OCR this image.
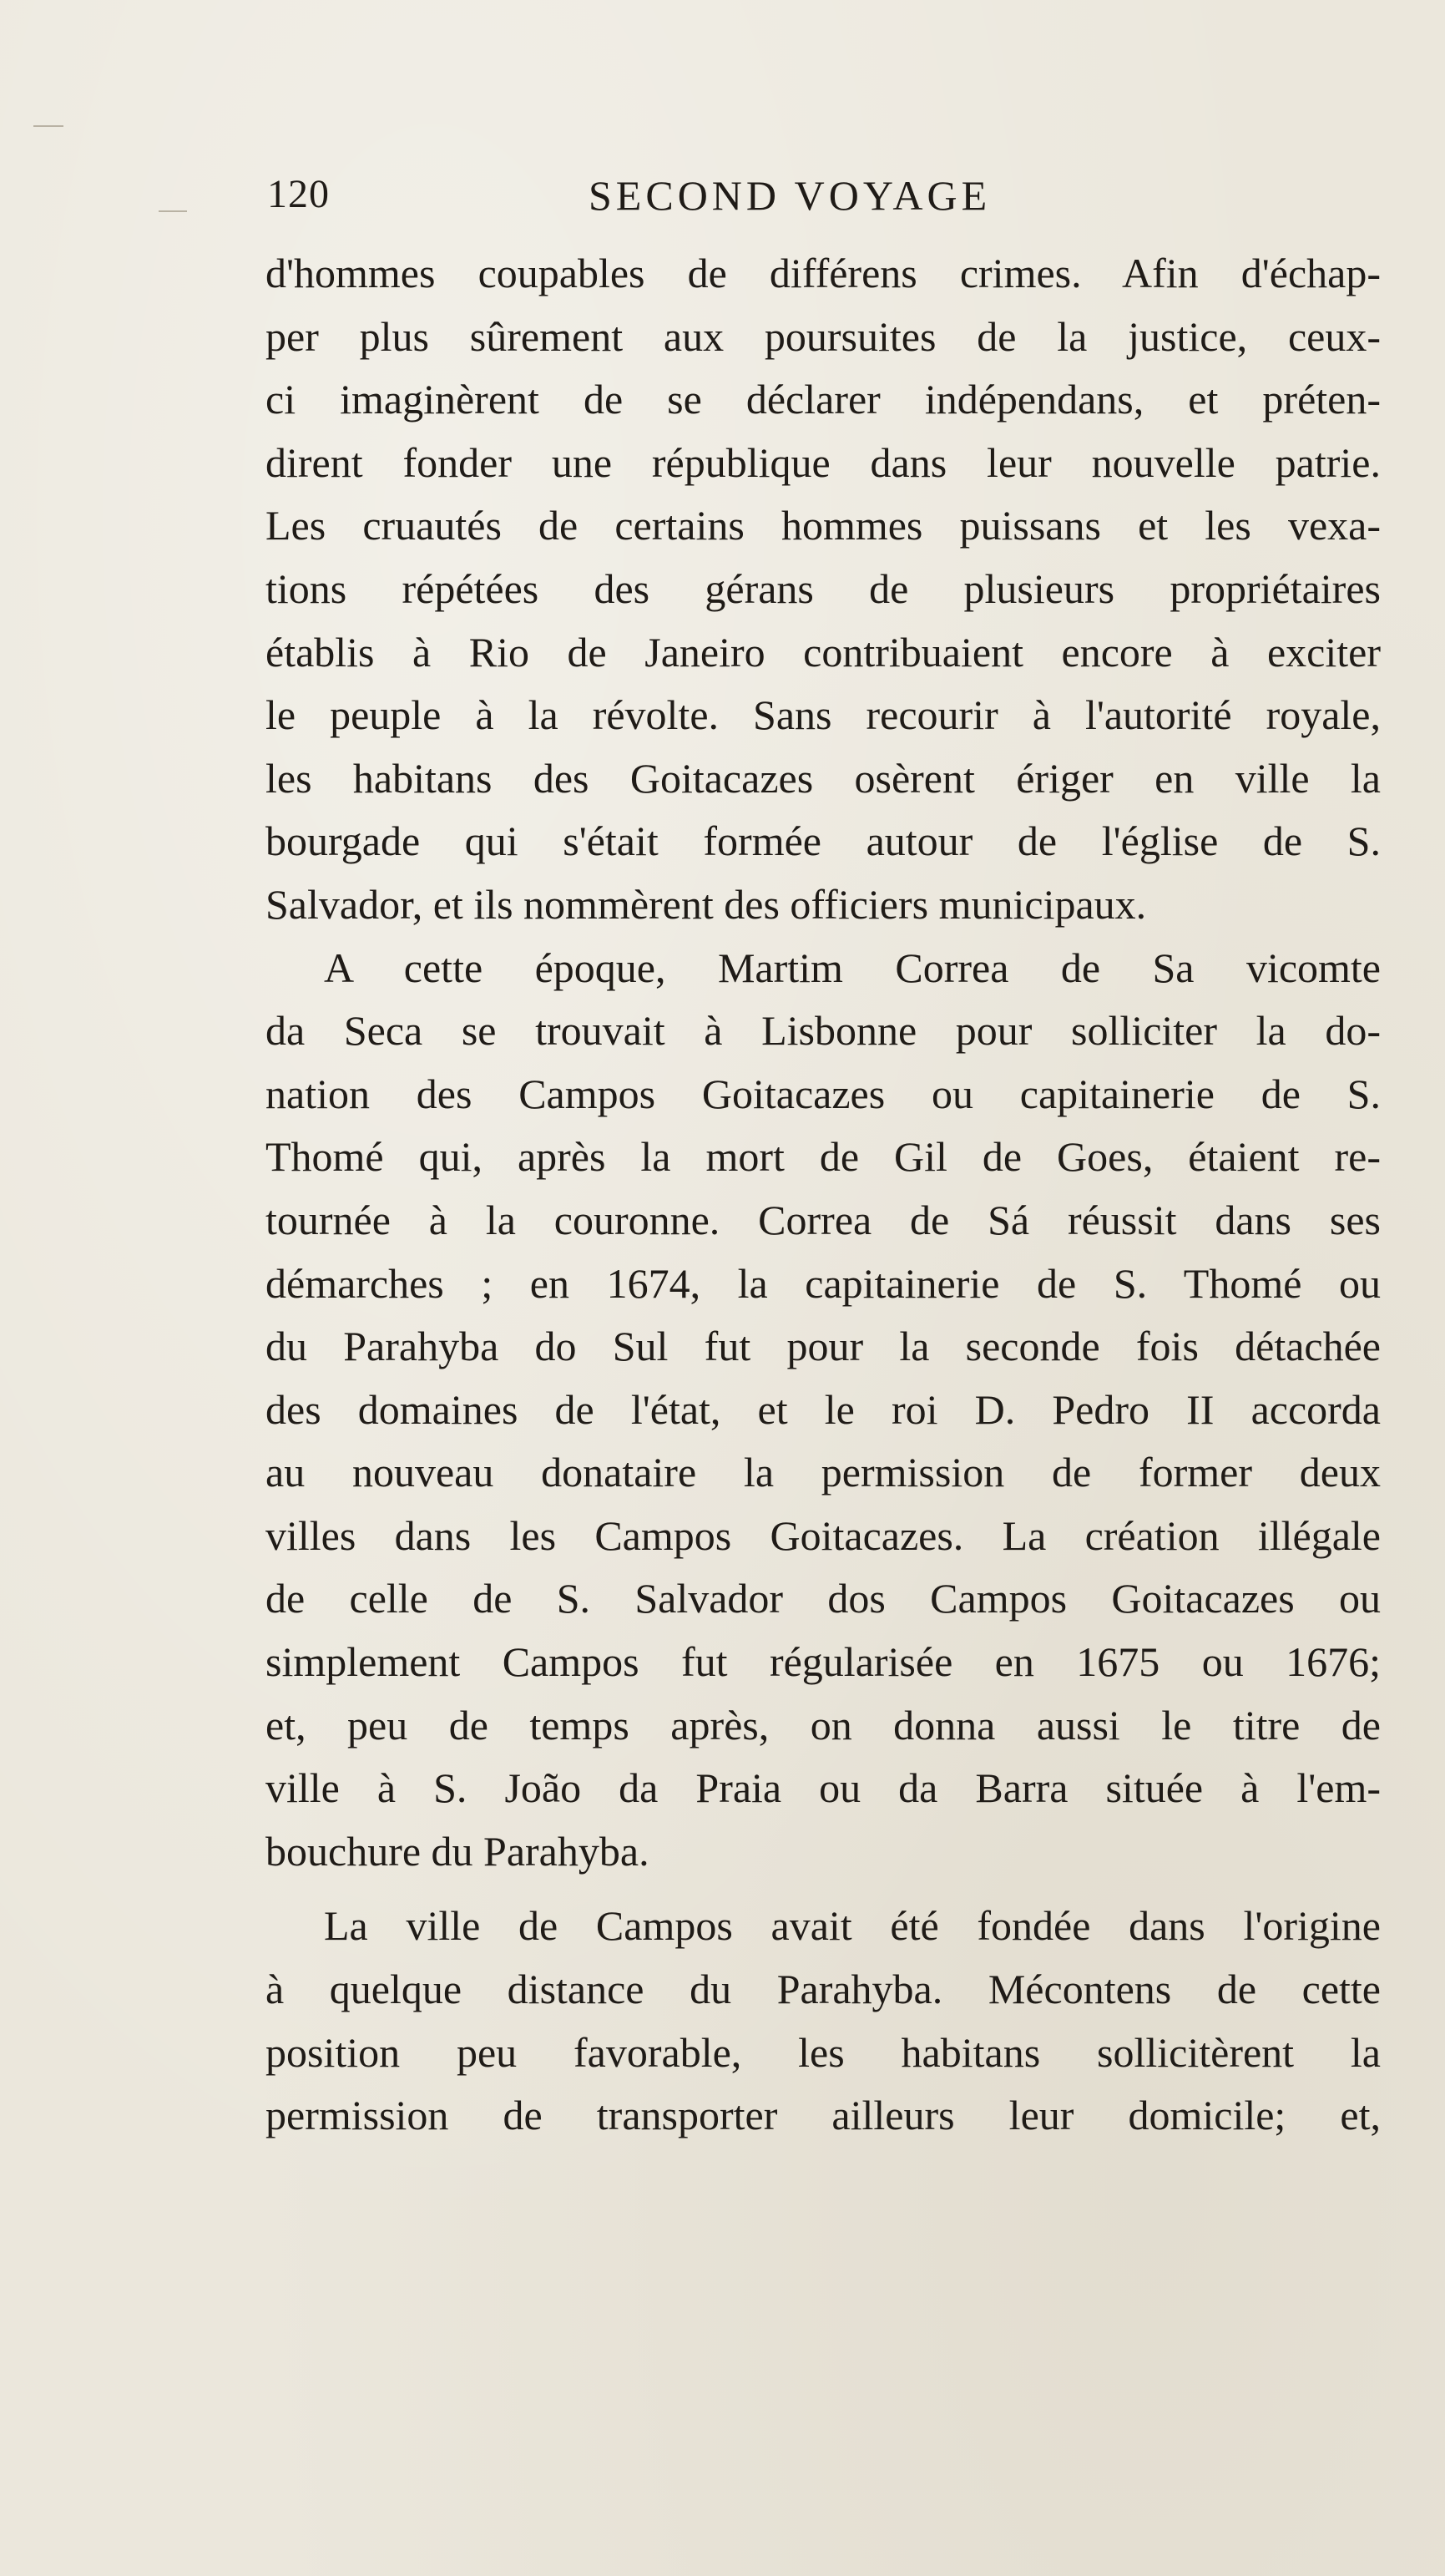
120	SECOND VOYAGE
d'hommes coupables de différens crimes. Afin d'échap-
per plus sûrement aux poursuites de la justice, ceux-
ci imaginèrent de se déclarer indépendans, et préten-
dirent fonder une république dans leur nouvelle patrie.
Les cruautés de certains hommes puissans et les vexa-
tions répétées des gérans de plusieurs propriétaires
établis à Rio de Janeiro contribuaient encore à exciter
le peuple à la révolte. Sans recourir à l'autorité royale,
les habitans des Goitacazes osèrent ériger en ville la
bourgade qui s'était formée autour de l'église de S.
Salvador, et ils nommèrent des officiers municipaux.
A cette époque, Martim Correa de Sa vicomte
da Seca se trouvait à Lisbonne pour solliciter la do-
nation des Campos Goitacazes ou capitainerie de S.
Thomé qui, après la mort de Gil de Goes, étaient re-
tournée à la couronne. Correa de Sá réussit dans ses
démarches ; en 1674, la capitainerie de S. Thomé ou
du Parahyba do Sul fut pour la seconde fois détachée
des domaines de l'état, et le roi D. Pedro II accorda
au nouveau donataire la permission de former deux
villes dans les Campos Goitacazes. La création illégale
de celle de S. Salvador dos Campos Goitacazes ou
simplement Campos fut régularisée en 1675 ou 1676;
et, peu de temps après, on donna aussi le titre de
ville à S. João da Praia ou da Barra située à l'em-
bouchure du Parahyba.
La ville de Campos avait été fondée dans l'origine
à quelque distance du Parahyba. Mécontens de cette
position peu favorable, les habitans sollicitèrent la
permission de transporter ailleurs leur domicile; et,
